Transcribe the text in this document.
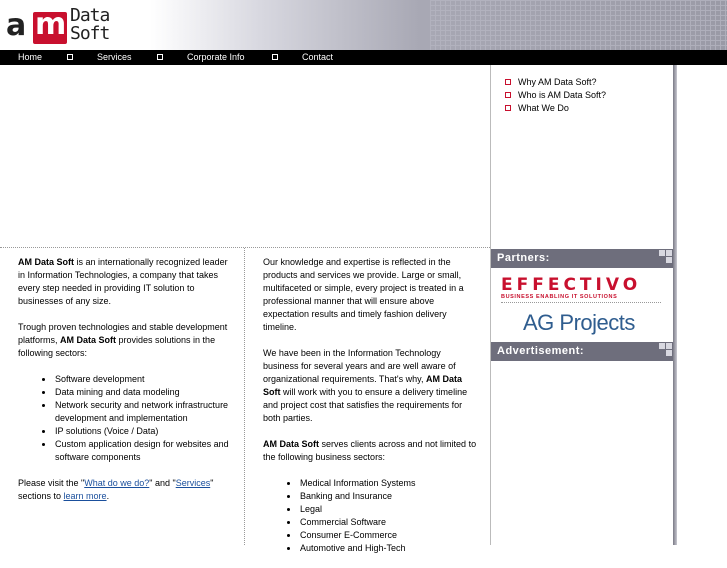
a m Data
Soft
Home	Services	Corporate Info	Contact
Why AM Data Soft?
Who is AM Data Soft?
What We Do
Partners:
EFFECTIVO
BUSINESS ENABLING IT SOLUTIONS
AG Projects
Advertisement:

AM Data Soft is an internationally recognized leader in Information Technologies, a company that takes every step needed in providing IT solution to businesses of any size.

Trough proven technologies and stable development platforms, AM Data Soft provides solutions in the following sectors:

Software development
Data mining and data modeling
Network security and network infrastructure development and implementation
IP solutions (Voice / Data)
Custom application design for websites and software components

Please visit the "What do we do?" and "Services" sections to learn more.

Our knowledge and expertise is reflected in the products and services we provide. Large or small, multifaceted or simple, every project is treated in a professional manner that will ensure above expectation results and timely fashion delivery timeline.

We have been in the Information Technology business for several years and are well aware of organizational requirements. That's why, AM Data Soft will work with you to ensure a delivery timeline and project cost that satisfies the requirements for both parties.

AM Data Soft serves clients across and not limited to the following business sectors:

Medical Information Systems
Banking and Insurance
Legal
Commercial Software
Consumer E-Commerce
Automotive and High-Tech
